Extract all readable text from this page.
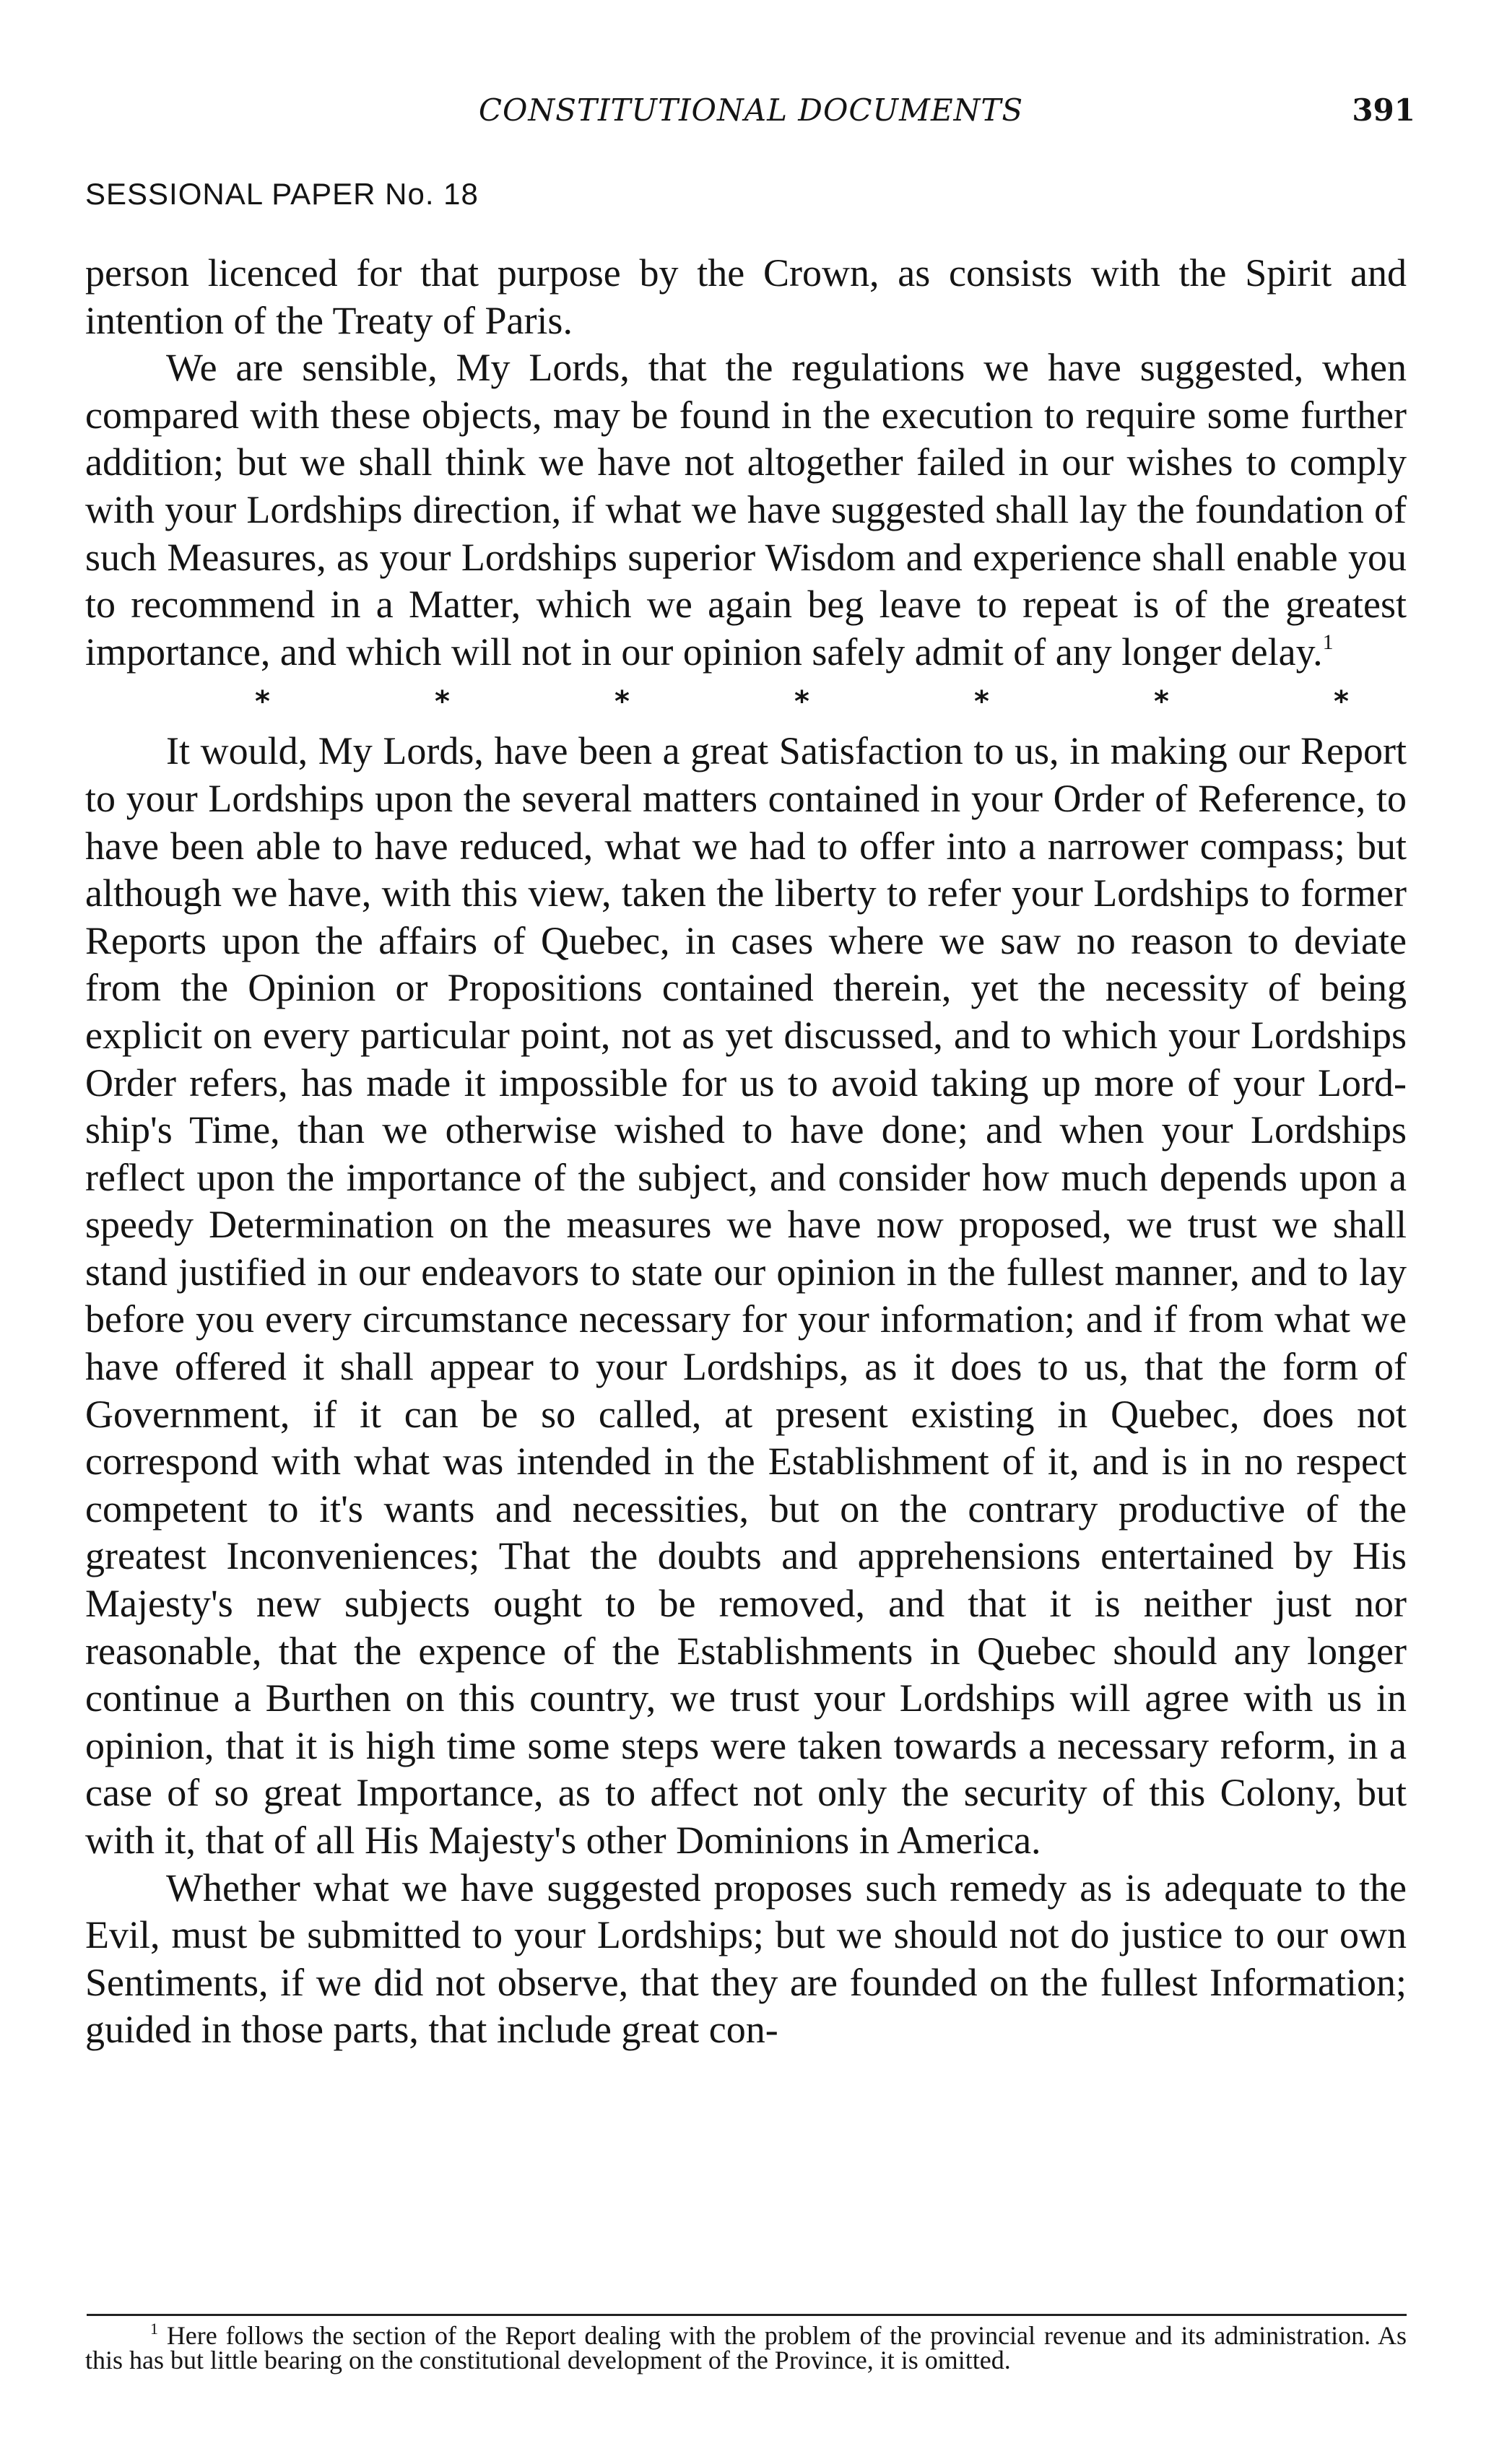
CONSTITUTIONAL DOCUMENTS	391
SESSIONAL PAPER No. 18

person licenced for that purpose by the Crown, as consists with the Spirit and intention of the Treaty of Paris.

We are sensible, My Lords, that the regulations we have suggested, when compared with these objects, may be found in the execution to require some further addition; but we shall think we have not altogether failed in our wishes to comply with your Lordships direction, if what we have suggested shall lay the foundation of such Measures, as your Lordships superior Wisdom and experience shall enable you to recommend in a Matter, which we again beg leave to repeat is of the greatest importance, and which will not in our opinion safely admit of any longer delay.$^1$

*	*	*	*	*	*	*

It would, My Lords, have been a great Satisfaction to us, in making our Report to your Lordships upon the several matters contained in your Order of Reference, to have been able to have reduced, what we had to offer into a narrower compass; but although we have, with this view, taken the liberty to refer your Lordships to former Reports upon the affairs of Quebec, in cases where we saw no reason to deviate from the Opinion or Propositions contained therein, yet the necessity of being explicit on every particular point, not as yet discussed, and to which your Lordships Order refers, has made it impossible for us to avoid taking up more of your Lordship's Time, than we otherwise wished to have done; and when your Lordships reflect upon the importance of the subject, and consider how much depends upon a speedy Determination on the measures we have now proposed, we trust we shall stand justified in our endeavors to state our opinion in the fullest manner, and to lay before you every circumstance necessary for your information; and if from what we have offered it shall appear to your Lordships, as it does to us, that the form of Government, if it can be so called, at present existing in Quebec, does not correspond with what was intended in the Establishment of it, and is in no respect competent to it's wants and necessities, but on the contrary productive of the greatest Inconveniences; That the doubts and apprehensions entertained by His Majesty's new subjects ought to be removed, and that it is neither just nor reasonable, that the expence of the Establishments in Quebec should any longer continue a Burthen on this country, we trust your Lordships will agree with us in opinion, that it is high time some steps were taken towards a necessary reform, in a case of so great Importance, as to affect not only the security of this Colony, but with it, that of all His Majesty's other Dominions in America.

Whether what we have suggested proposes such remedy as is adequate to the Evil, must be submitted to your Lordships; but we should not do justice to our own Sentiments, if we did not observe, that they are founded on the fullest Information; guided in those parts, that include great con-

$^1$ Here follows the section of the Report dealing with the problem of the provincial revenue and its administration. As this has but little bearing on the constitutional development of the Province, it is omitted.
